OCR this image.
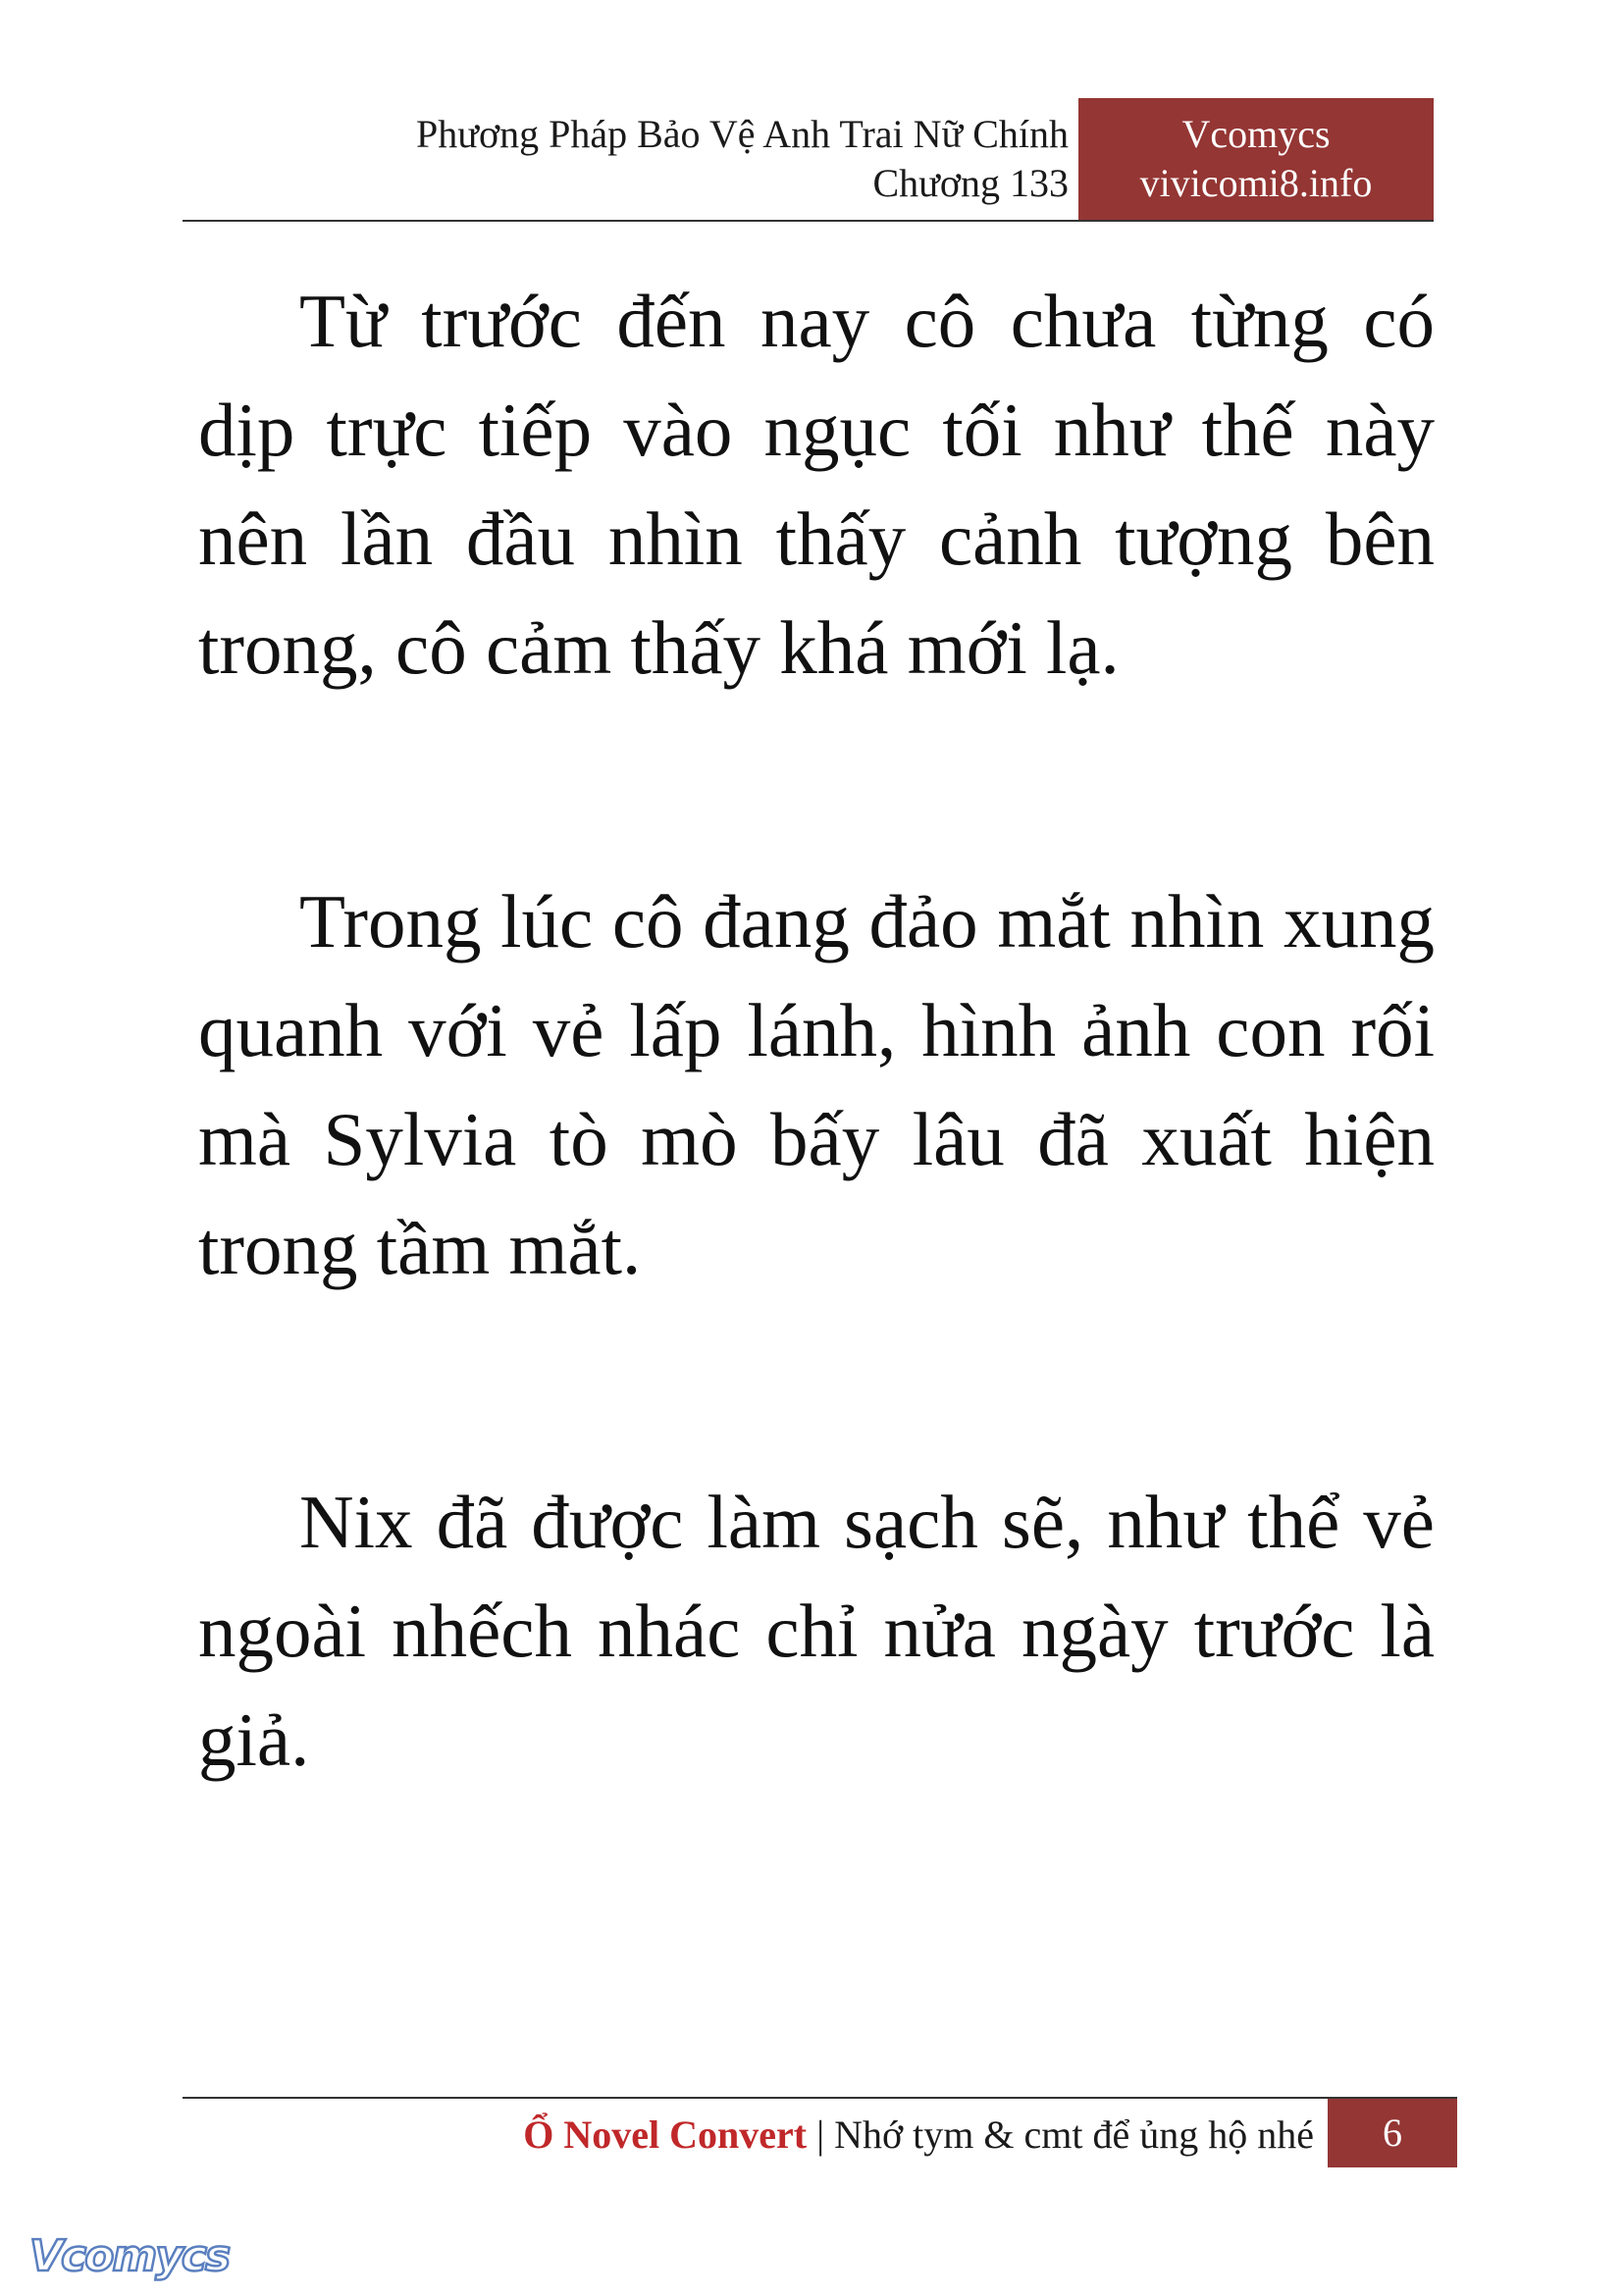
Phương Pháp Bảo Vệ Anh Trai Nữ Chính
Chương 133
Vcomycs
vivicomi8.info

Từ trước đến nay cô chưa từng có dịp trực tiếp vào ngục tối như thế này nên lần đầu nhìn thấy cảnh tượng bên trong, cô cảm thấy khá mới lạ.

Trong lúc cô đang đảo mắt nhìn xung quanh với vẻ lấp lánh, hình ảnh con rối mà Sylvia tò mò bấy lâu đã xuất hiện trong tầm mắt.

Nix đã được làm sạch sẽ, như thể vẻ ngoài nhếch nhác chỉ nửa ngày trước là giả.

Ổ Novel Convert | Nhớ tym & cmt để ủng hộ nhé	6
Vcomycs
